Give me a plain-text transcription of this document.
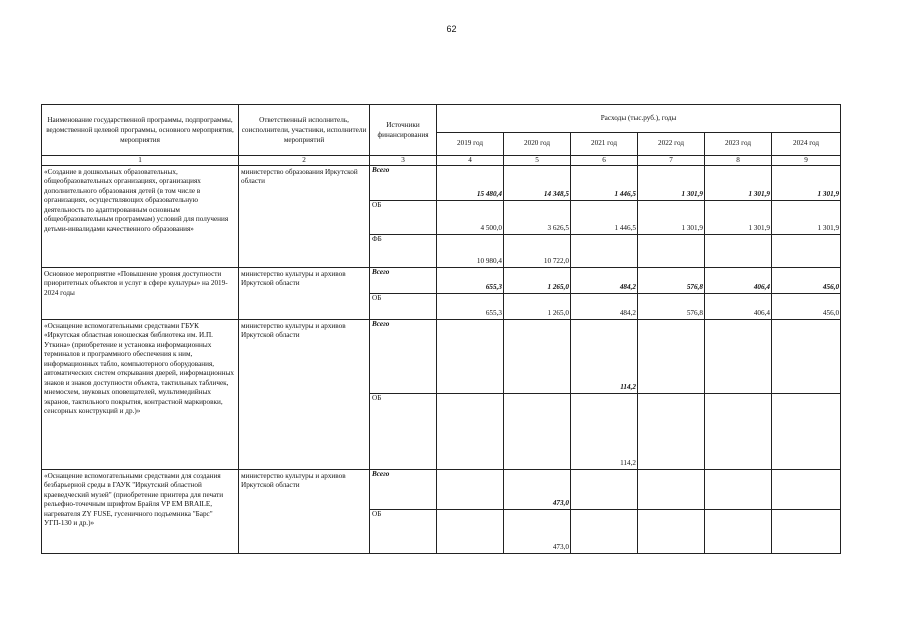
62
Наименование государственной программы, подпрограммы, ведомственной целевой программы, основного мероприятия, мероприятия	Ответственный исполнитель, соисполнители, участники, исполнители мероприятий	Источники финансирования	Расходы (тыс.руб.), годы					
			2019 год	2020 год	2021 год	2022 год	2023 год	2024 год
1	2	3	4	5	6	7	8	9
«Создание в дошкольных образовательных, общеобразовательных организациях, организациях дополнительного образования детей (в том числе в организациях, осуществляющих образовательную деятельность по адаптированным основным общеобразовательным программам) условий для получения детьми-инвалидами качественного образования»	министерство образования Иркутской области	Всего	15 480,4	14 348,5	1 446,5	1 301,9	1 301,9	1 301,9
		ОБ	4 500,0	3 626,5	1 446,5	1 301,9	1 301,9	1 301,9
		ФБ	10 980,4	10 722,0				
Основное мероприятие «Повышение уровня доступности приоритетных объектов и услуг в сфере культуры» на 2019-2024 годы	министерство культуры и архивов Иркутской области	Всего	655,3	1 265,0	484,2	576,8	406,4	456,0
		ОБ	655,3	1 265,0	484,2	576,8	406,4	456,0
«Оснащение вспомогательными средствами ГБУК «Иркутская областная юношеская библиотека им. И.П. Уткина» (приобретение и установка информационных терминалов и программного обеспечения к ним, информационных табло, компьютерного оборудования, автоматических систем открывания дверей, информационных знаков и знаков доступности объекта, тактильных табличек, мнемосхем, звуковых оповещателей, мультимедийных экранов, тактильного покрытия, контрастной маркировки, сенсорных конструкций и др.)»	министерство культуры и архивов Иркутской области	Всего			114,2			
		ОБ			114,2			
«Оснащение вспомогательными средствами для создания безбарьерной среды в ГАУК "Иркутский областной краеведческий музей" (приобретение принтера для печати рельефно-точечным шрифтом Брайля VP EM BRAILE, нагревателя ZY FUSE, гусеничного подъемника "Барс" УГП-130 и др.)»	министерство культуры и архивов Иркутской области	Всего		473,0				
		ОБ		473,0				
